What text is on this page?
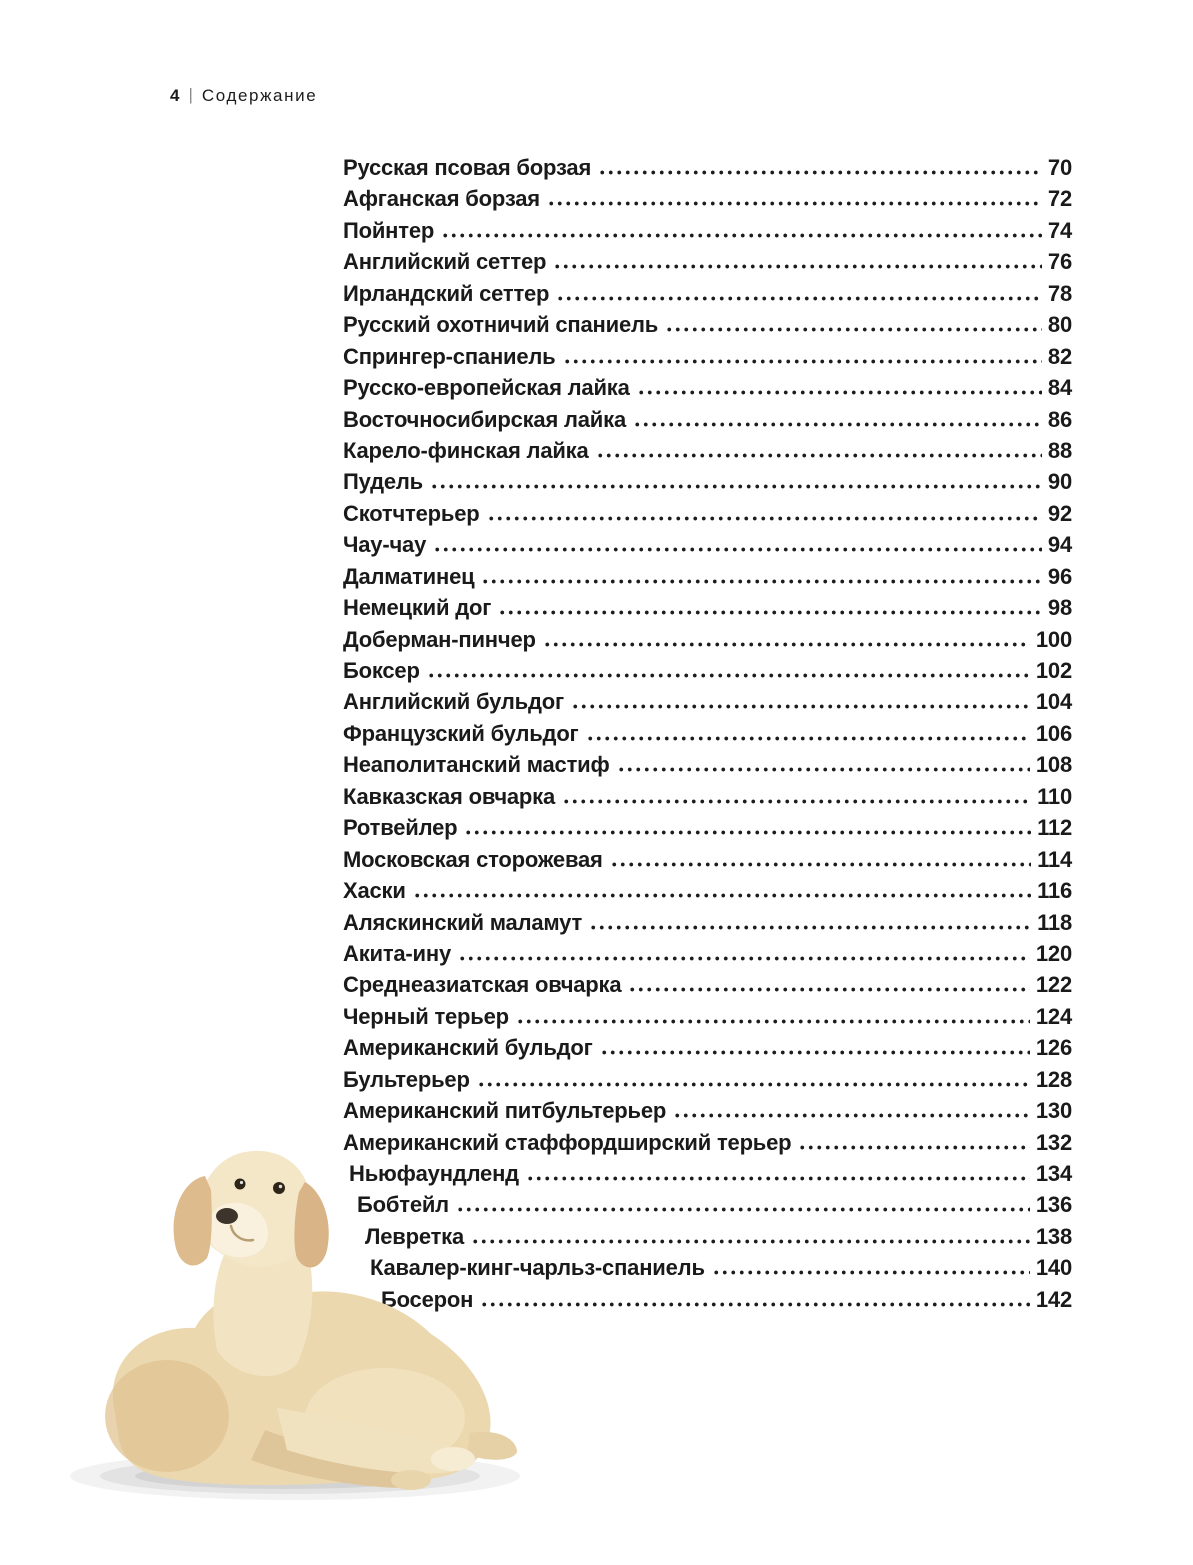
4 | Содержание
Русская псовая борзая	70
Афганская борзая	72
Пойнтер	74
Английский сеттер	76
Ирландский сеттер	78
Русский охотничий спаниель	80
Спрингер-спаниель	82
Русско-европейская лайка	84
Восточносибирская лайка	86
Карело-финская лайка	88
Пудель	90
Скотчтерьер	92
Чау-чау	94
Далматинец	96
Немецкий дог	98
Доберман-пинчер	100
Боксер	102
Английский бульдог	104
Французский бульдог	106
Неаполитанский мастиф	108
Кавказская овчарка	110
Ротвейлер	112
Московская сторожевая	114
Хаски	116
Аляскинский маламут	118
Акита-ину	120
Среднеазиатская овчарка	122
Черный терьер	124
Американский бульдог	126
Бультерьер	128
Американский питбультерьер	130
Американский стаффордширский терьер	132
Ньюфаундленд	134
Бобтейл	136
Левретка	138
Кавалер-кинг-чарльз-спаниель	140
Босерон	142
